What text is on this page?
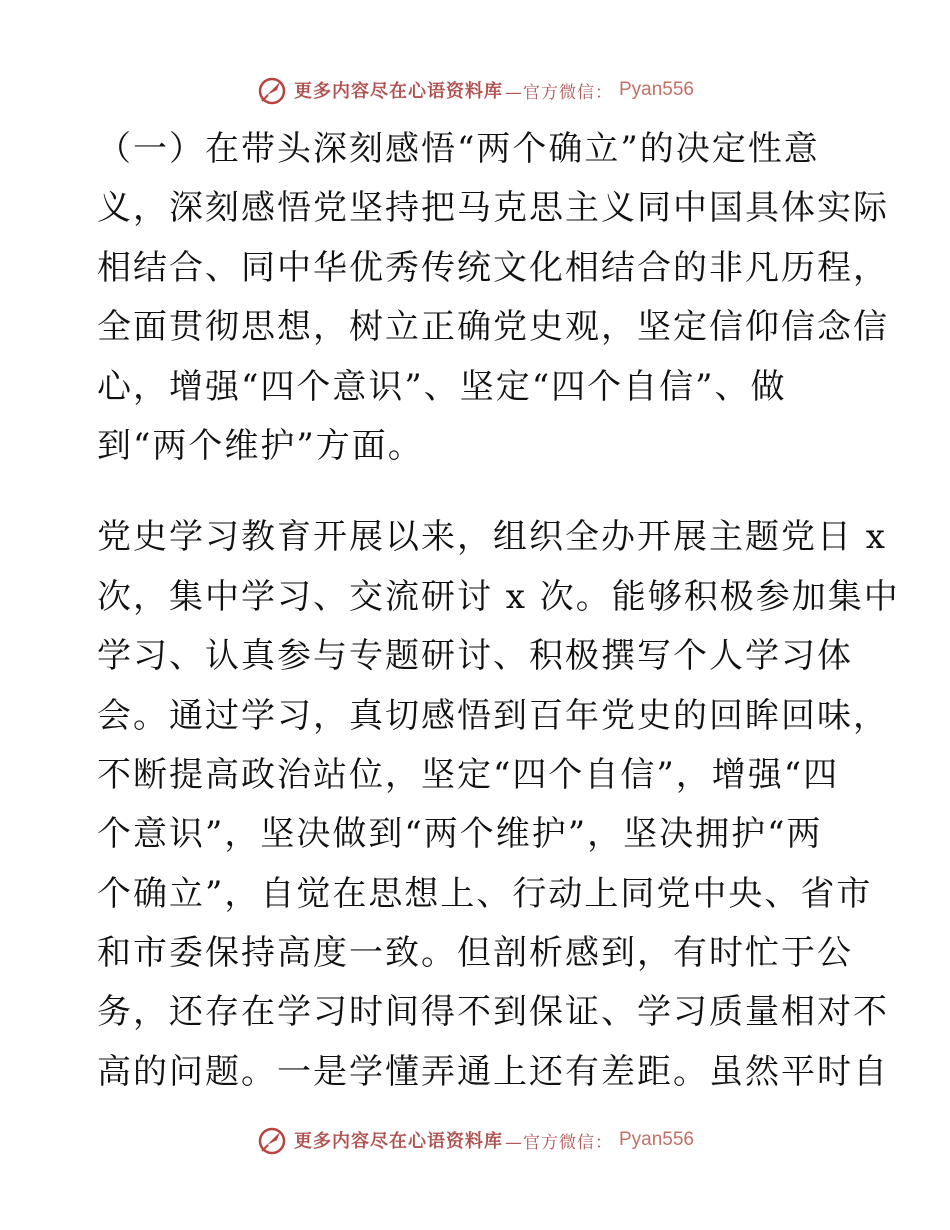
更多内容尽在心语资料库 —官方微信： Pyan556
（一）在带头深刻感悟“两个确立”的决定性意
义，深刻感悟党坚持把马克思主义同中国具体实际
相结合、同中华优秀传统文化相结合的非凡历程，
全面贯彻思想，树立正确党史观，坚定信仰信念信
心，增强“四个意识”、坚定“四个自信”、做
到“两个维护”方面。
党史学习教育开展以来，组织全办开展主题党日 x
次，集中学习、交流研讨 x 次。能够积极参加集中
学习、认真参与专题研讨、积极撰写个人学习体
会。通过学习，真切感悟到百年党史的回眸回味，
不断提高政治站位，坚定“四个自信”，增强“四
个意识”，坚决做到“两个维护”，坚决拥护“两
个确立”，自觉在思想上、行动上同党中央、省市
和市委保持高度一致。但剖析感到，有时忙于公
务，还存在学习时间得不到保证、学习质量相对不
高的问题。一是学懂弄通上还有差距。虽然平时自
更多内容尽在心语资料库 —官方微信： Pyan556
